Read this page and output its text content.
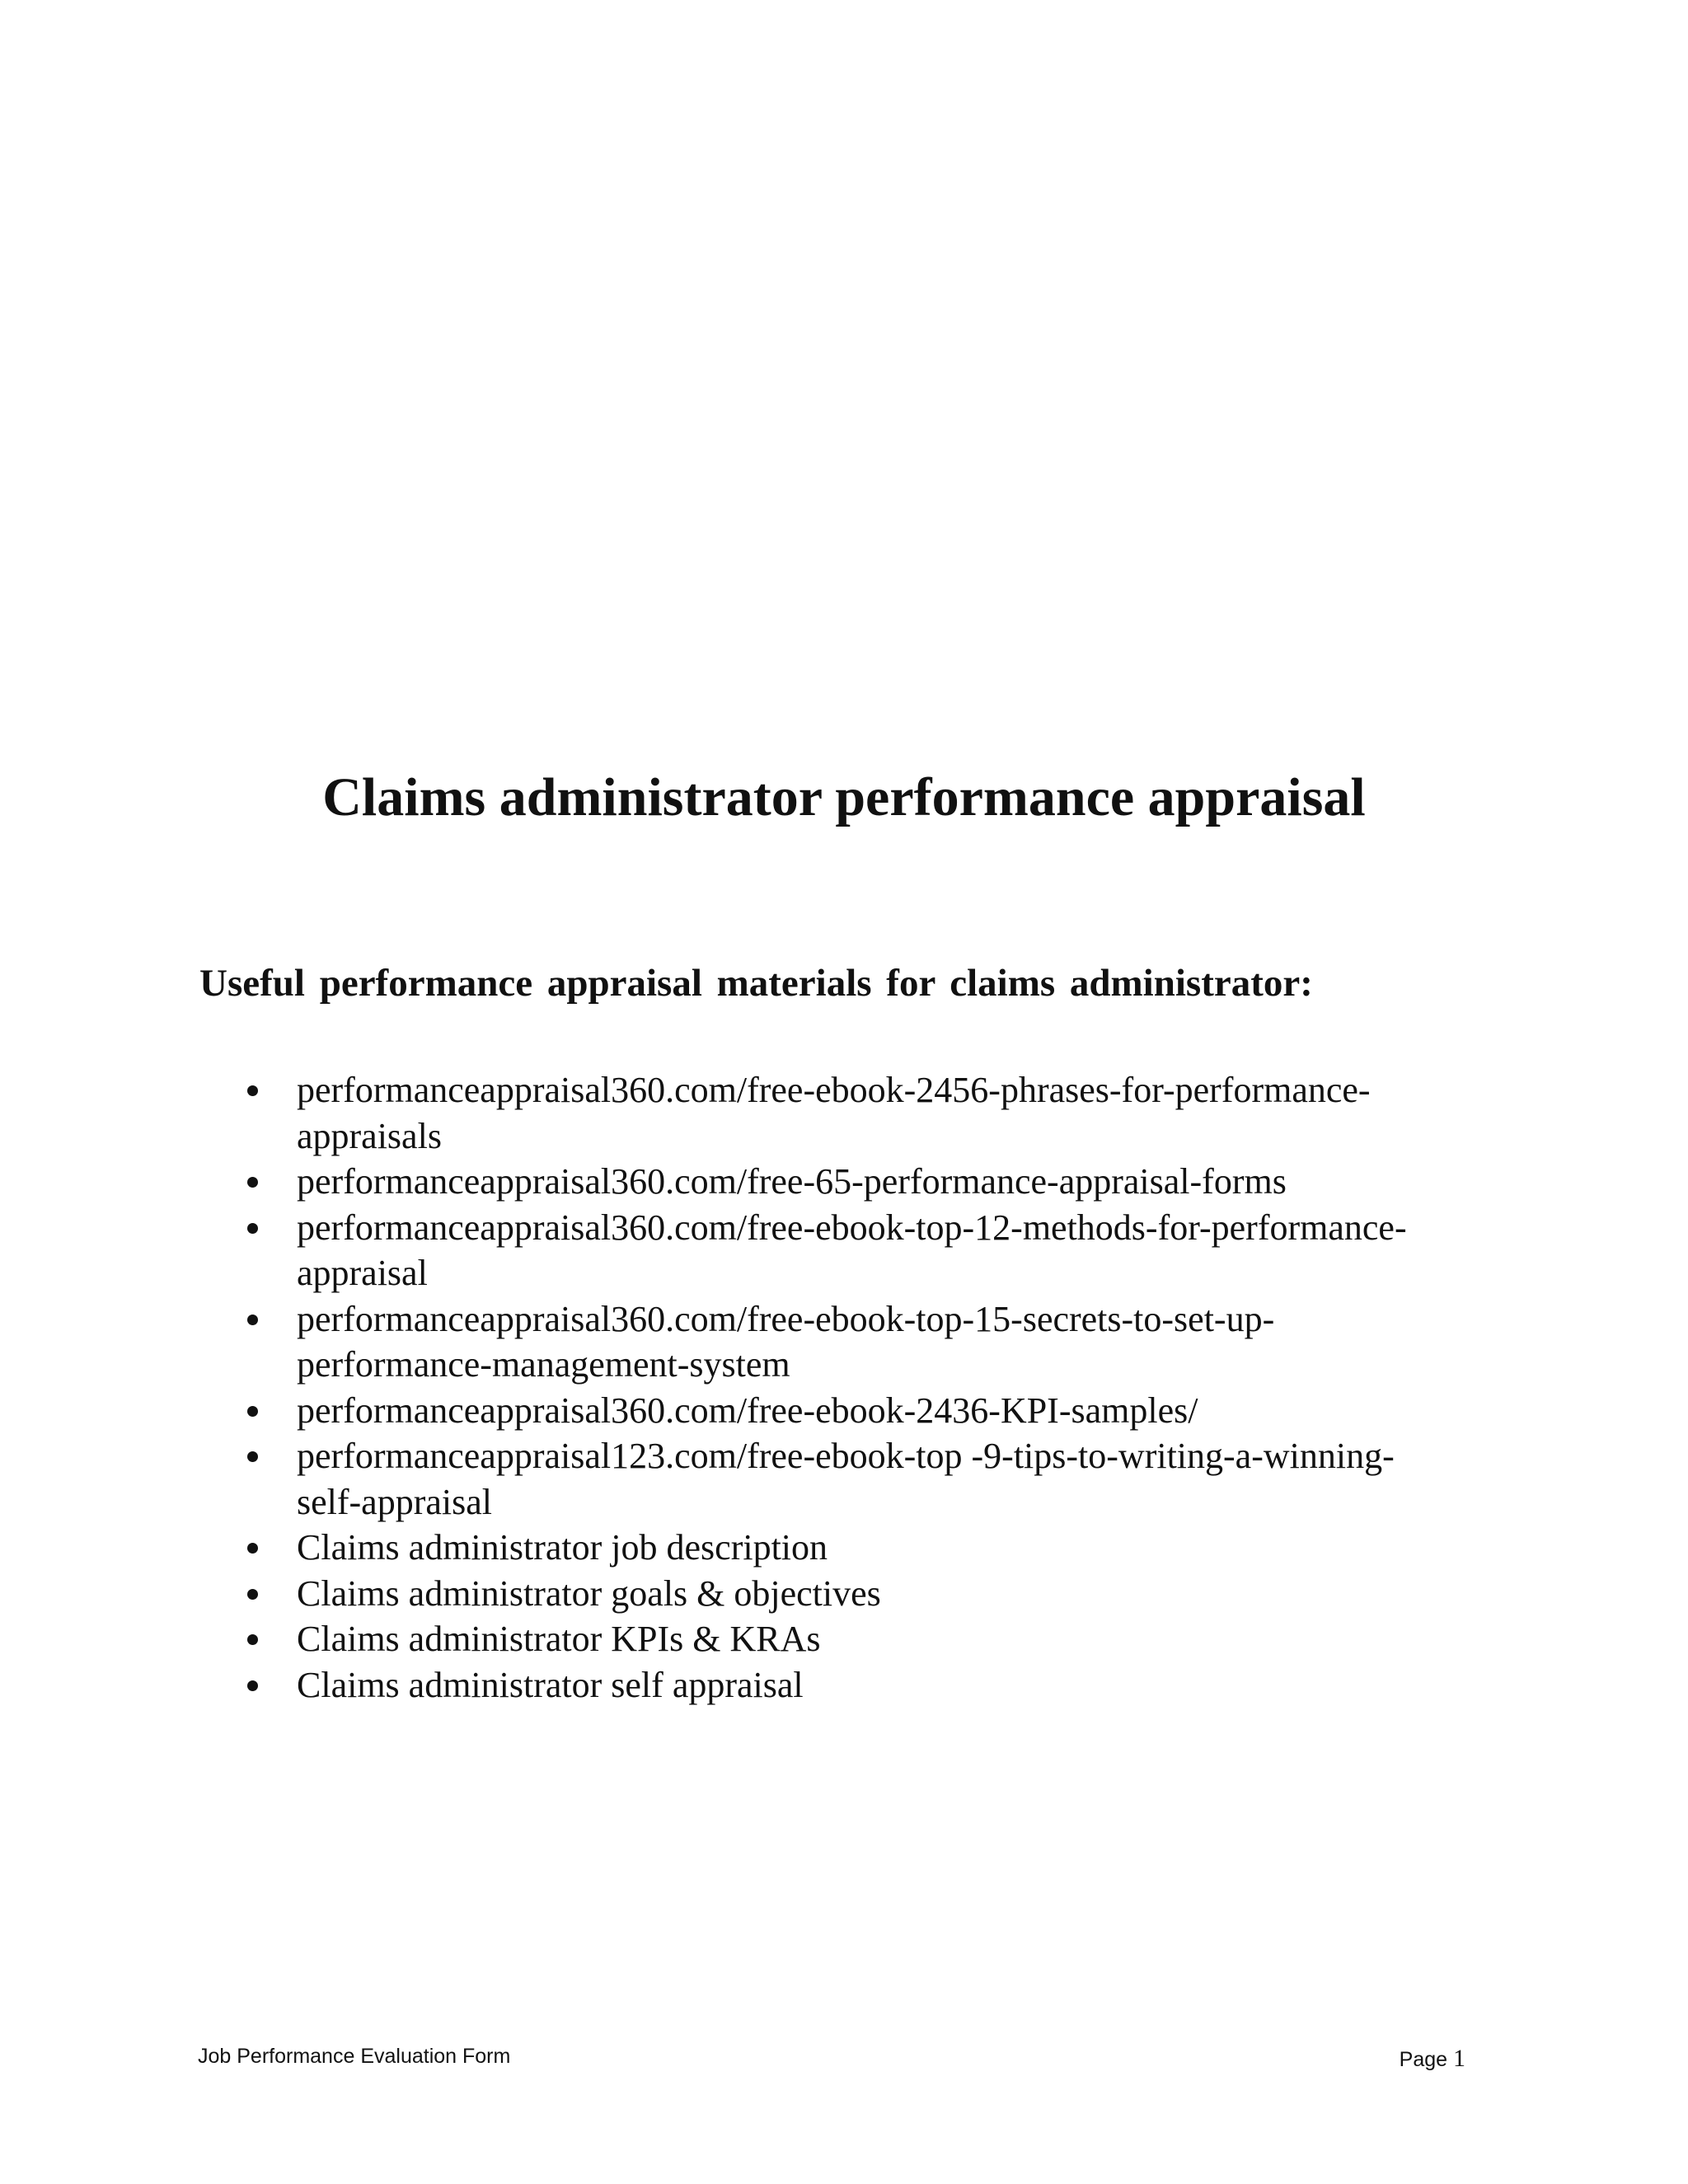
Claims administrator performance appraisal
Useful performance appraisal materials for claims administrator:
performanceappraisal360.com/free-ebook-2456-phrases-for-performance-
appraisals
performanceappraisal360.com/free-65-performance-appraisal-forms
performanceappraisal360.com/free-ebook-top-12-methods-for-performance-
appraisal
performanceappraisal360.com/free-ebook-top-15-secrets-to-set-up-
performance-management-system
performanceappraisal360.com/free-ebook-2436-KPI-samples/
performanceappraisal123.com/free-ebook-top -9-tips-to-writing-a-winning-
self-appraisal
Claims administrator job description
Claims administrator goals & objectives
Claims administrator KPIs & KRAs
Claims administrator self appraisal
Job Performance Evaluation Form	Page 1
